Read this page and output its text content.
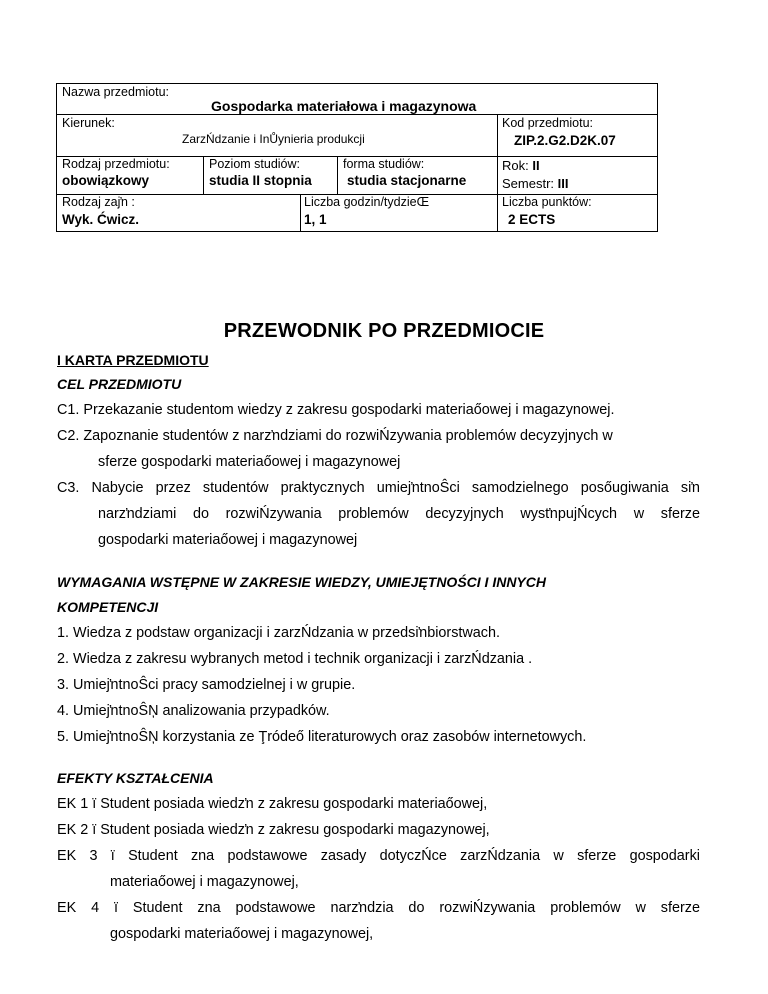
Nazwa przedmiotu:
Gospodarka materiałowa i magazynowa
Kierunek:
ZarzŃdzanie i InŮynieria produkcji
Kod przedmiotu:
ZIP.2.G2.D2K.07
Rodzaj przedmiotu:
obowiązkowy
Poziom studiów:
studia II stopnia
forma studiów:
studia stacjonarne
Rok: II
Semestr: III
Rodzaj zajŉ :
Wyk. Ćwicz.
Liczba godzin/tydzieŒ
1, 1
Liczba punktów:
2 ECTS
PRZEWODNIK PO PRZEDMIOCIE
I KARTA PRZEDMIOTU
CEL PRZEDMIOTU
C1. Przekazanie studentom wiedzy z zakresu gospodarki materiaőowej i magazynowej.
C2. Zapoznanie studentów z narzŉdziami do rozwiŃzywania problemów decyzyjnych w
sferze gospodarki materiaőowej i magazynowej
C3. Nabycie przez studentów praktycznych umiejŉtnoŜci samodzielnego posőugiwania siŉ
narzŉdziami do rozwiŃzywania problemów decyzyjnych wystŉpujŃcych w sferze
gospodarki materiaőowej i magazynowej
WYMAGANIA WSTĘPNE W ZAKRESIE WIEDZY, UMIEJĘTNOŚCI I INNYCH
KOMPETENCJI
1. Wiedza z podstaw organizacji i zarzŃdzania w przedsiŉbiorstwach.
2. Wiedza z zakresu wybranych metod i technik organizacji i zarzŃdzania .
3. UmiejŉtnoŜci pracy samodzielnej i w grupie.
4. UmiejŉtnoŜŅ analizowania przypadków.
5. UmiejŉtnoŜŅ korzystania ze Ţródeő literaturowych oraz zasobów internetowych.
EFEKTY KSZTAŁCENIA
EK 1 ï Student posiada wiedzŉ z zakresu gospodarki materiaőowej,
EK 2 ï Student posiada wiedzŉ z zakresu gospodarki magazynowej,
EK 3 ï Student zna podstawowe zasady dotyczŃce zarzŃdzania w sferze gospodarki
materiaőowej i magazynowej,
EK 4 ï Student zna podstawowe narzŉdzia do rozwiŃzywania problemów w sferze
gospodarki materiaőowej i magazynowej,
